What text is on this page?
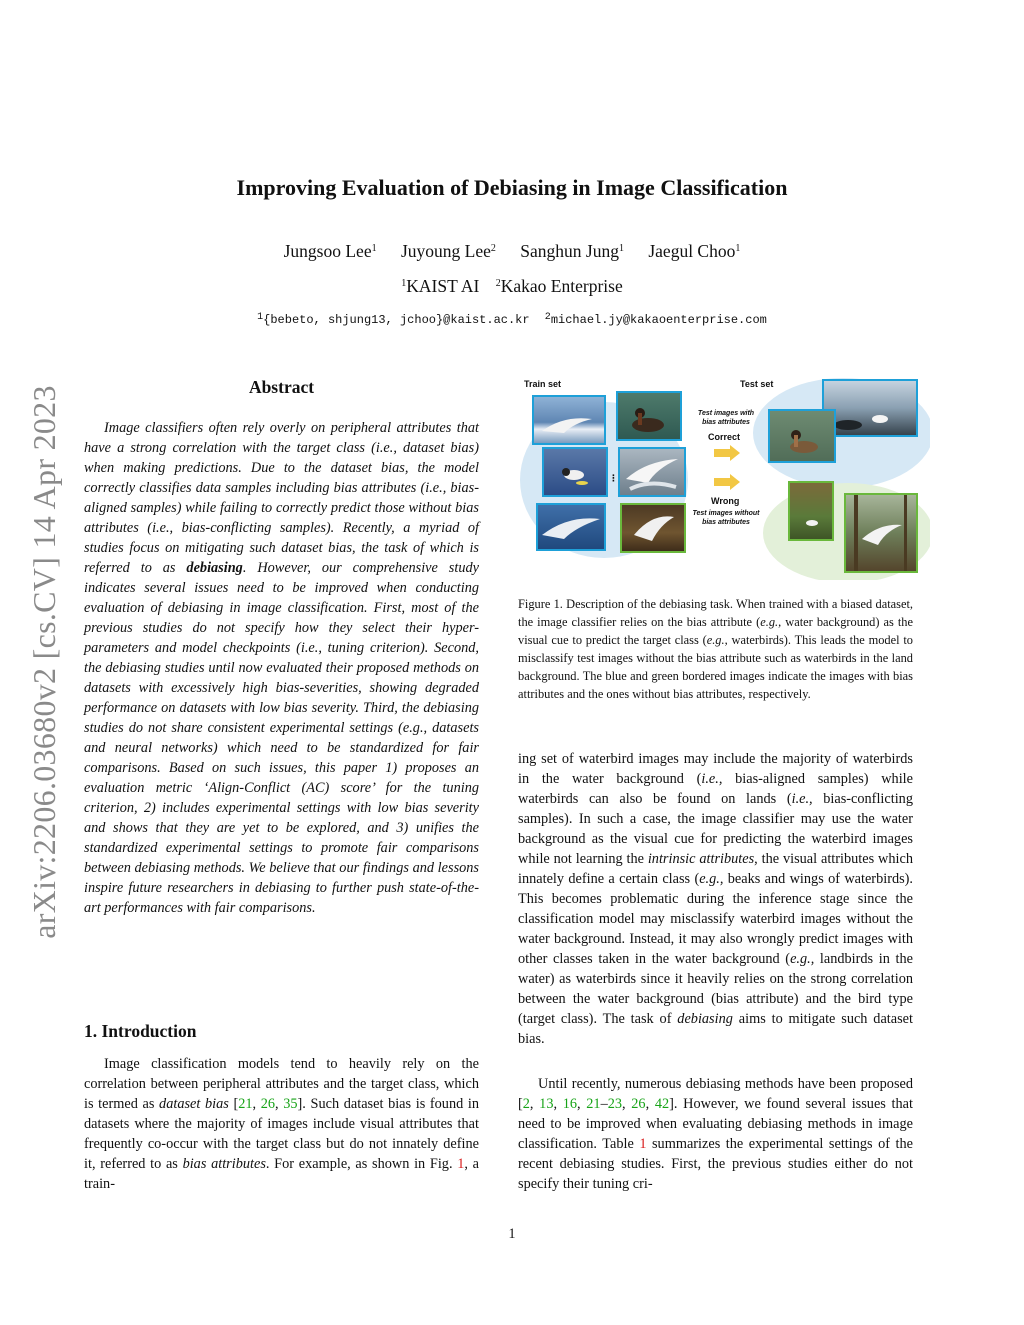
arXiv:2206.03680v2 [cs.CV] 14 Apr 2023
Improving Evaluation of Debiasing in Image Classification
Jungsoo Lee$^1$ Juyoung Lee$^2$ Sanghun Jung$^1$ Jaegul Choo$^1$
$^1$KAIST AI $^2$Kakao Enterprise
$^1${bebeto, shjung13, jchoo}@kaist.ac.kr $^2$michael.jy@kakaoenterprise.com
Abstract
Image classifiers often rely overly on peripheral attributes that have a strong correlation with the target class (i.e., dataset bias) when making predictions. Due to the dataset bias, the model correctly classifies data samples including bias attributes (i.e., bias-aligned samples) while failing to correctly predict those without bias attributes (i.e., bias-conflicting samples). Recently, a myriad of studies focus on mitigating such dataset bias, the task of which is referred to as debiasing. However, our comprehensive study indicates several issues need to be improved when conducting evaluation of debiasing in image classification. First, most of the previous studies do not specify how they select their hyper-parameters and model checkpoints (i.e., tuning criterion). Second, the debiasing studies until now evaluated their proposed methods on datasets with excessively high bias-severities, showing degraded performance on datasets with low bias severity. Third, the debiasing studies do not share consistent experimental settings (e.g., datasets and neural networks) which need to be standardized for fair comparisons. Based on such issues, this paper 1) proposes an evaluation metric ‘Align-Conflict (AC) score’ for the tuning criterion, 2) includes experimental settings with low bias severity and shows that they are yet to be explored, and 3) unifies the standardized experimental settings to promote fair comparisons between debiasing methods. We believe that our findings and lessons inspire future researchers in debiasing to further push state-of-the-art performances with fair comparisons.
1. Introduction
Image classification models tend to heavily rely on the correlation between peripheral attributes and the target class, which is termed as dataset bias [21, 26, 35]. Such dataset bias is found in datasets where the majority of images include visual attributes that frequently co-occur with the target class but do not innately define it, referred to as bias attributes. For example, as shown in Fig. 1, a train-
Train set	Test set
⋮
Test images with bias attributes
Correct
Wrong
Test images without bias attributes
Figure 1. Description of the debiasing task. When trained with a biased dataset, the image classifier relies on the bias attribute (e.g., water background) as the visual cue to predict the target class (e.g., waterbirds). This leads the model to misclassify test images without the bias attribute such as waterbirds in the land background. The blue and green bordered images indicate the images with bias attributes and the ones without bias attributes, respectively.
ing set of waterbird images may include the majority of waterbirds in the water background (i.e., bias-aligned samples) while waterbirds can also be found on lands (i.e., bias-conflicting samples). In such a case, the image classifier may use the water background as the visual cue for predicting the waterbird images while not learning the intrinsic attributes, the visual attributes which innately define a certain class (e.g., beaks and wings of waterbirds). This becomes problematic during the inference stage since the classification model may misclassify waterbird images without the water background. Instead, it may also wrongly predict images with other classes taken in the water background (e.g., landbirds in the water) as waterbirds since it heavily relies on the strong correlation between the water background (bias attribute) and the bird type (target class). The task of debiasing aims to mitigate such dataset bias.
Until recently, numerous debiasing methods have been proposed [2, 13, 16, 21–23, 26, 42]. However, we found several issues that need to be improved when evaluating debiasing methods in image classification. Table 1 summarizes the experimental settings of the recent debiasing studies. First, the previous studies either do not specify their tuning cri-
1
